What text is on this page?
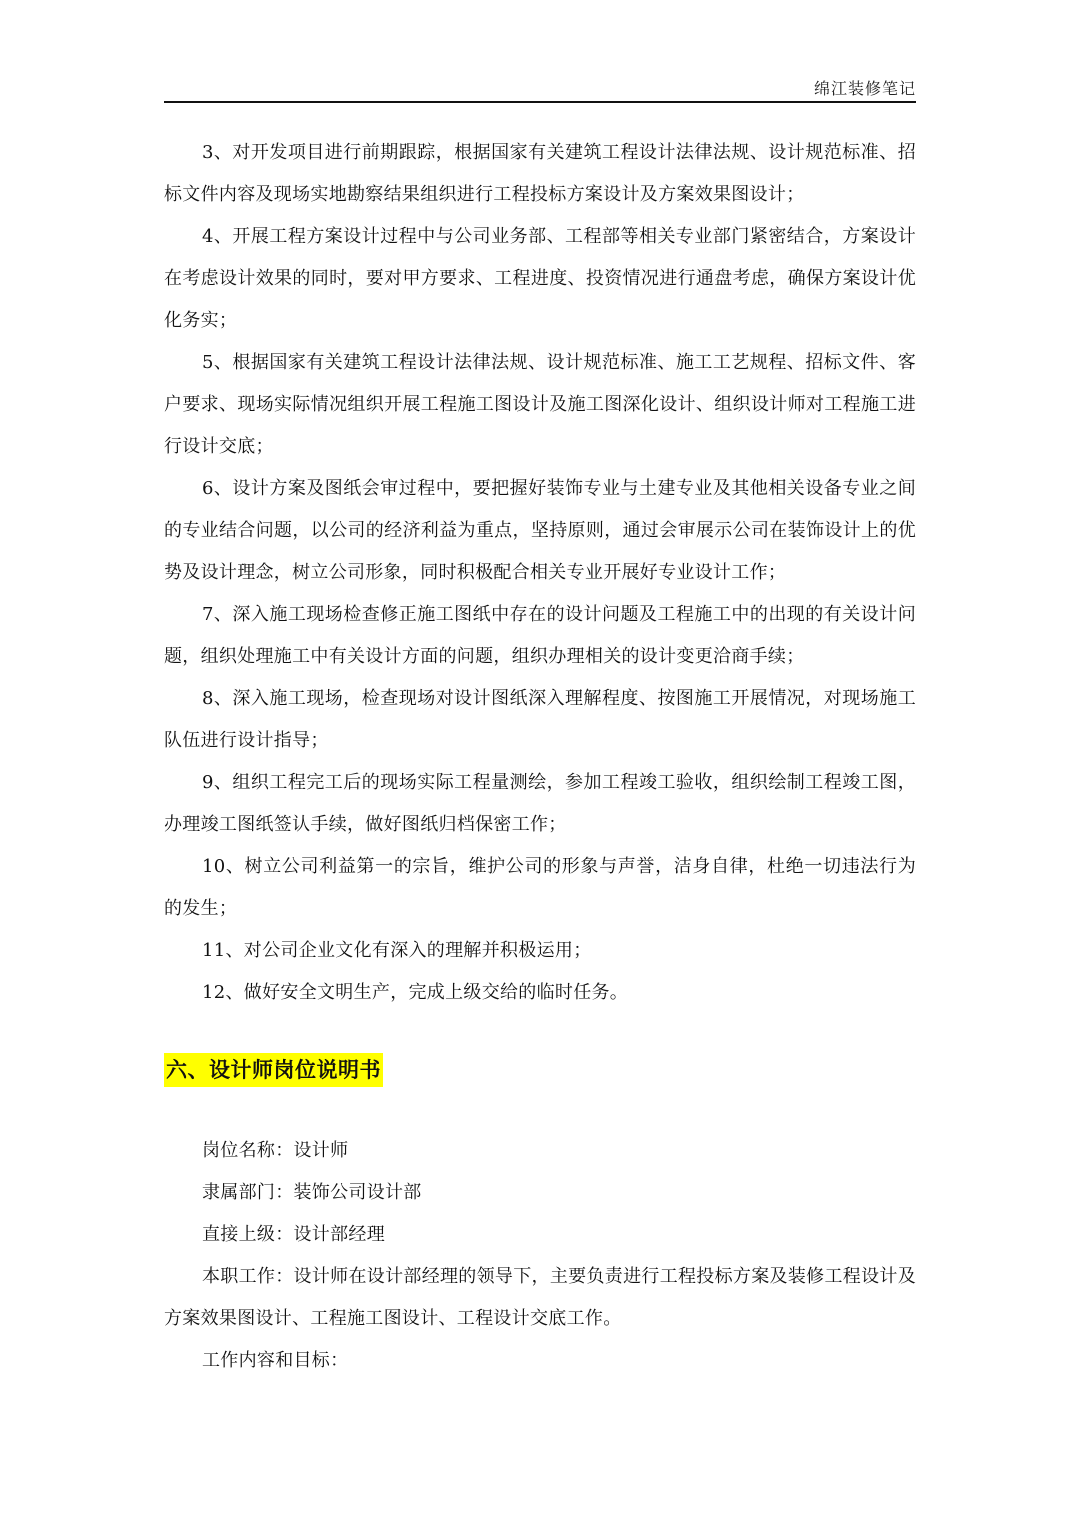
绵江装修笔记

3、对开发项目进行前期跟踪，根据国家有关建筑工程设计法律法规、设计规范标准、招标文件内容及现场实地勘察结果组织进行工程投标方案设计及方案效果图设计；

4、开展工程方案设计过程中与公司业务部、工程部等相关专业部门紧密结合，方案设计在考虑设计效果的同时，要对甲方要求、工程进度、投资情况进行通盘考虑，确保方案设计优化务实；

5、根据国家有关建筑工程设计法律法规、设计规范标准、施工工艺规程、招标文件、客户要求、现场实际情况组织开展工程施工图设计及施工图深化设计、组织设计师对工程施工进行设计交底；

6、设计方案及图纸会审过程中，要把握好装饰专业与土建专业及其他相关设备专业之间的专业结合问题，以公司的经济利益为重点，坚持原则，通过会审展示公司在装饰设计上的优势及设计理念，树立公司形象，同时积极配合相关专业开展好专业设计工作；

7、深入施工现场检查修正施工图纸中存在的设计问题及工程施工中的出现的有关设计问题，组织处理施工中有关设计方面的问题，组织办理相关的设计变更洽商手续；

8、深入施工现场，检查现场对设计图纸深入理解程度、按图施工开展情况，对现场施工队伍进行设计指导；

9、组织工程完工后的现场实际工程量测绘，参加工程竣工验收，组织绘制工程竣工图，办理竣工图纸签认手续，做好图纸归档保密工作；

10、树立公司利益第一的宗旨，维护公司的形象与声誉，洁身自律，杜绝一切违法行为的发生；

11、对公司企业文化有深入的理解并积极运用；

12、做好安全文明生产，完成上级交给的临时任务。

六、设计师岗位说明书

岗位名称：设计师

隶属部门：装饰公司设计部

直接上级：设计部经理

本职工作：设计师在设计部经理的领导下，主要负责进行工程投标方案及装修工程设计及方案效果图设计、工程施工图设计、工程设计交底工作。

工作内容和目标：
